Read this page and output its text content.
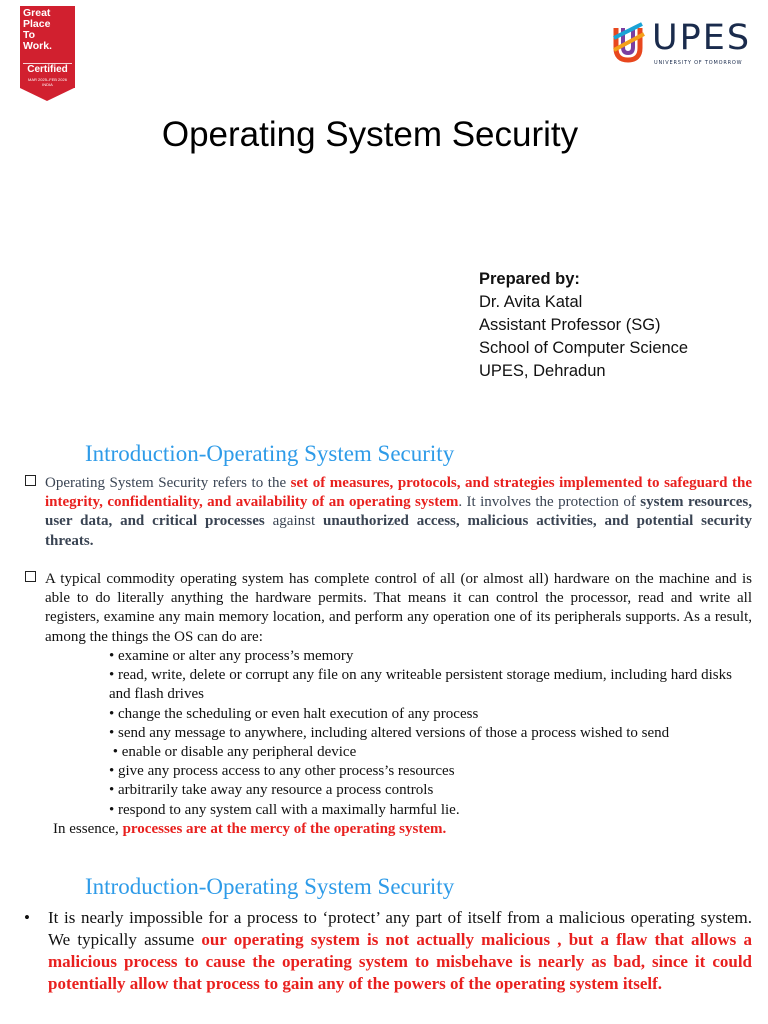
Great
Place
To
Work.
Certified
MAR 2025–FEB 2026
INDIA
UPES
UNIVERSITY OF TOMORROW
Operating System Security
Prepared by:
Dr. Avita Katal
Assistant Professor (SG)
School of Computer Science
UPES, Dehradun
Introduction-Operating System Security
Operating System Security refers to the set of measures, protocols, and strategies implemented to safeguard the integrity, confidentiality, and availability of an operating system. It involves the protection of system resources, user data, and critical processes against unauthorized access, malicious activities, and potential security threats.
A typical commodity operating system has complete control of all (or almost all) hardware on the machine and is able to do literally anything the hardware permits. That means it can control the processor, read and write all registers, examine any main memory location, and perform any operation one of its peripherals supports. As a result, among the things the OS can do are:
• examine or alter any process’s memory
• read, write, delete or corrupt any file on any writeable persistent storage medium, including hard disks and flash drives
• change the scheduling or even halt execution of any process
• send any message to anywhere, including altered versions of those a process wished to send
• enable or disable any peripheral device
• give any process access to any other process’s resources
• arbitrarily take away any resource a process controls
• respond to any system call with a maximally harmful lie.
In essence, processes are at the mercy of the operating system.
Introduction-Operating System Security
• It is nearly impossible for a process to ‘protect’ any part of itself from a malicious operating system. We typically assume our operating system is not actually malicious , but a flaw that allows a malicious process to cause the operating system to misbehave is nearly as bad, since it could potentially allow that process to gain any of the powers of the operating system itself.
